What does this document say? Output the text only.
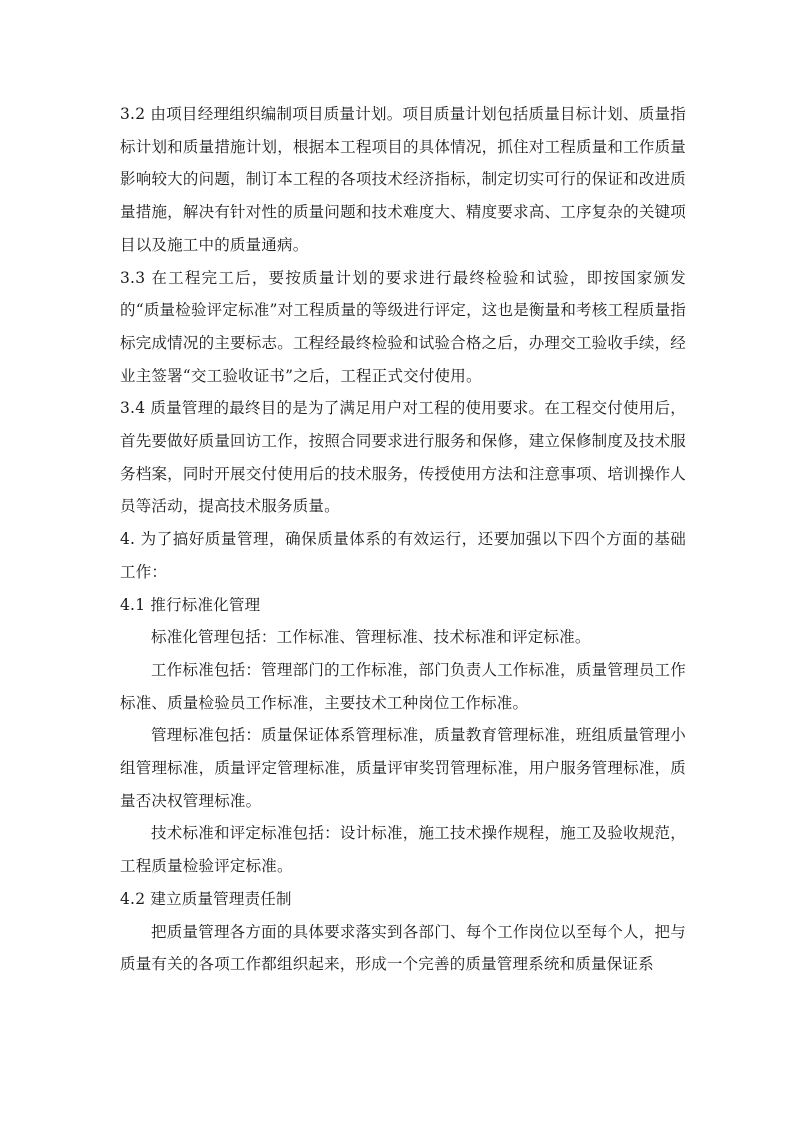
3.2 由项目经理组织编制项目质量计划。项目质量计划包括质量目标计划、质量指标计划和质量措施计划，根据本工程项目的具体情况，抓住对工程质量和工作质量影响较大的问题，制订本工程的各项技术经济指标，制定切实可行的保证和改进质量措施，解决有针对性的质量问题和技术难度大、精度要求高、工序复杂的关键项目以及施工中的质量通病。

3.3 在工程完工后，要按质量计划的要求进行最终检验和试验，即按国家颁发的“质量检验评定标准”对工程质量的等级进行评定，这也是衡量和考核工程质量指标完成情况的主要标志。工程经最终检验和试验合格之后，办理交工验收手续，经业主签署“交工验收证书”之后，工程正式交付使用。

3.4 质量管理的最终目的是为了满足用户对工程的使用要求。在工程交付使用后，首先要做好质量回访工作，按照合同要求进行服务和保修，建立保修制度及技术服务档案，同时开展交付使用后的技术服务，传授使用方法和注意事项、培训操作人员等活动，提高技术服务质量。

4. 为了搞好质量管理，确保质量体系的有效运行，还要加强以下四个方面的基础工作：

4.1 推行标准化管理

标准化管理包括：工作标准、管理标准、技术标准和评定标准。

工作标准包括：管理部门的工作标准，部门负责人工作标准，质量管理员工作标准、质量检验员工作标准，主要技术工种岗位工作标准。

管理标准包括：质量保证体系管理标准，质量教育管理标准，班组质量管理小组管理标准，质量评定管理标准，质量评审奖罚管理标准，用户服务管理标准，质量否决权管理标准。

技术标准和评定标准包括：设计标准，施工技术操作规程，施工及验收规范，工程质量检验评定标准。

4.2 建立质量管理责任制

把质量管理各方面的具体要求落实到各部门、每个工作岗位以至每个人，把与质量有关的各项工作都组织起来，形成一个完善的质量管理系统和质量保证系
